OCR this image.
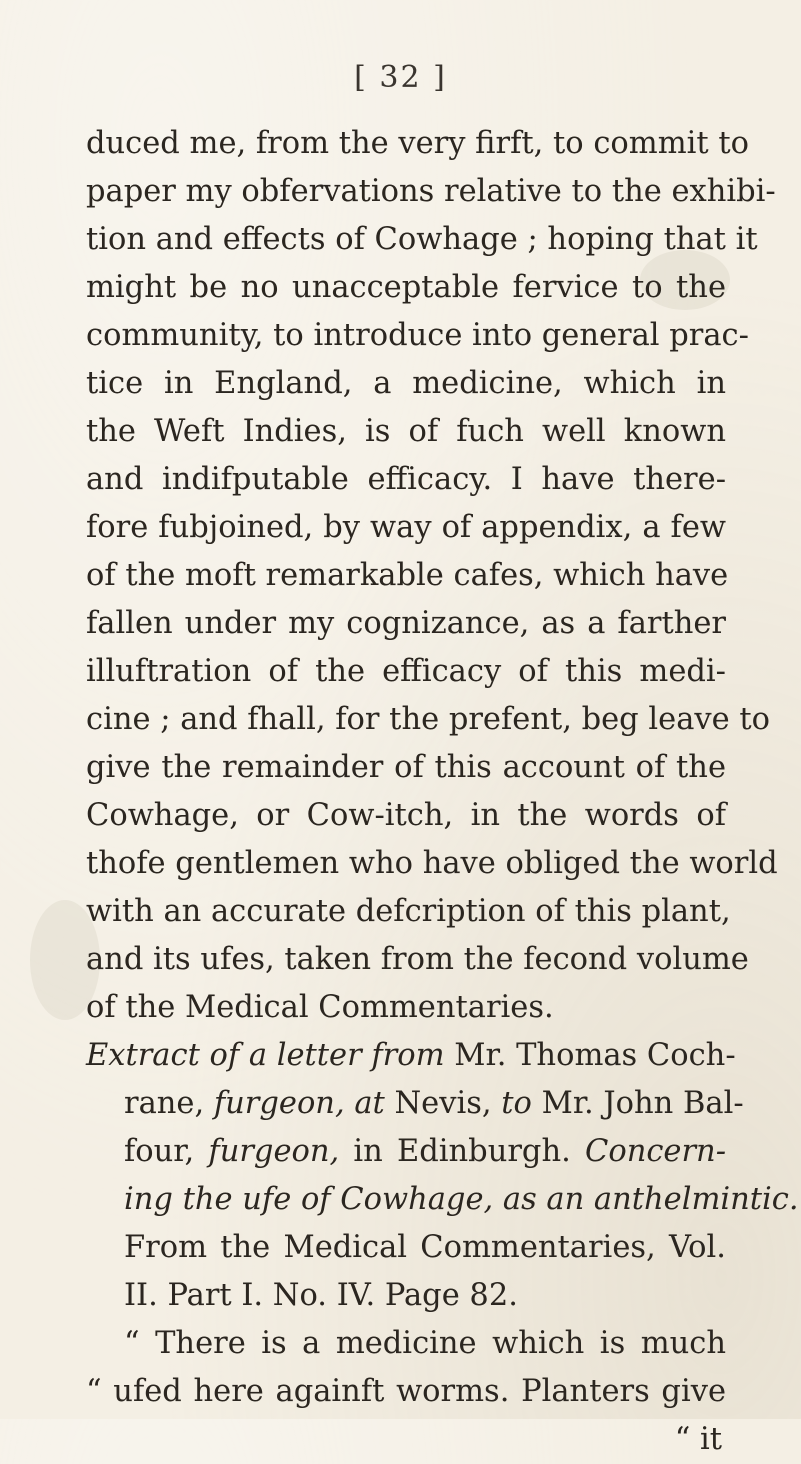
[ 32 ]
duced me, from the very firft, to commit to
paper my obfervations relative to the exhibi-
tion and effects of Cowhage ; hoping that it
might be no unacceptable fervice to the
community, to introduce into general prac-
tice in England, a medicine, which in
the Weft Indies, is of fuch well known
and indifputable efficacy. I have there-
fore fubjoined, by way of appendix, a few
of the moft remarkable cafes, which have
fallen under my cognizance, as a farther
illuftration of the efficacy of this medi-
cine ; and fhall, for the prefent, beg leave to
give the remainder of this account of the
Cowhage, or Cow-itch, in the words of
thofe gentlemen who have obliged the world
with an accurate defcription of this plant,
and its ufes, taken from the fecond volume
of the Medical Commentaries.
Extract of a letter from Mr. Thomas Coch-
rane, furgeon, at Nevis, to Mr. John Bal-
four, furgeon, in Edinburgh. Concern-
ing the ufe of Cowhage, as an anthelmintic.
From the Medical Commentaries, Vol.
II. Part I. No. IV. Page 82.
“ There is a medicine which is much
“ ufed here againft worms. Planters give
“ it
